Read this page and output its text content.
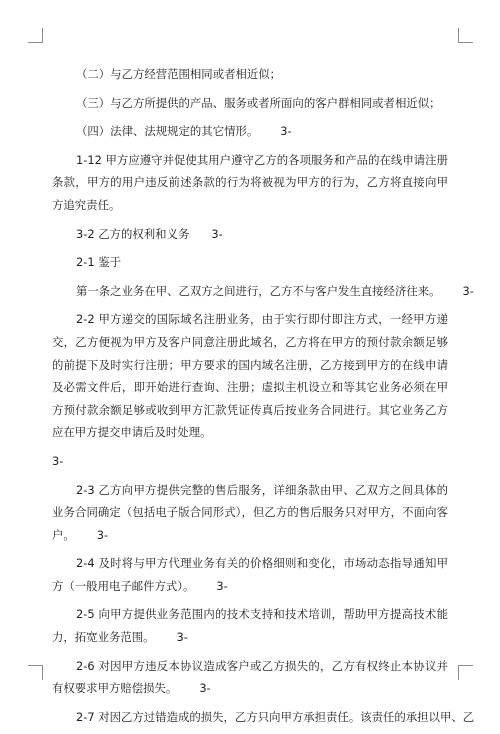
（二）与乙方经营范围相同或者相近似；

（三）与乙方所提供的产品、服务或者所面向的客户群相同或者相近似；

（四）法律、法规规定的其它情形。 3-

1-12 甲方应遵守并促使其用户遵守乙方的各项服务和产品的在线申请注册条款，甲方的用户违反前述条款的行为将被视为甲方的行为，乙方将直接向甲方追究责任。

3-2 乙方的权利和义务 3-

2-1 鉴于

第一条之业务在甲、乙双方之间进行，乙方不与客户发生直接经济往来。 3-

2-2 甲方递交的国际域名注册业务，由于实行即付即注方式，一经甲方递交，乙方便视为甲方及客户同意注册此域名，乙方将在甲方的预付款余额足够的前提下及时实行注册；甲方要求的国内域名注册，乙方接到甲方的在线申请及必需文件后，即开始进行查询、注册；虚拟主机设立和等其它业务必须在甲方预付款余额足够或收到甲方汇款凭证传真后按业务合同进行。其它业务乙方应在甲方提交申请后及时处理。

3-

2-3 乙方向甲方提供完整的售后服务，详细条款由甲、乙双方之间具体的业务合同确定（包括电子版合同形式），但乙方的售后服务只对甲方，不面向客户。 3-

2-4 及时将与甲方代理业务有关的价格细则和变化，市场动态指导通知甲方（一般用电子邮件方式）。 3-

2-5 向甲方提供业务范围内的技术支持和技术培训，帮助甲方提高技术能力，拓宽业务范围。 3-

2-6 对因甲方违反本协议造成客户或乙方损失的，乙方有权终止本协议并有权要求甲方赔偿损失。 3-

2-7 对因乙方过错造成的损失，乙方只向甲方承担责任。该责任的承担以甲、乙
